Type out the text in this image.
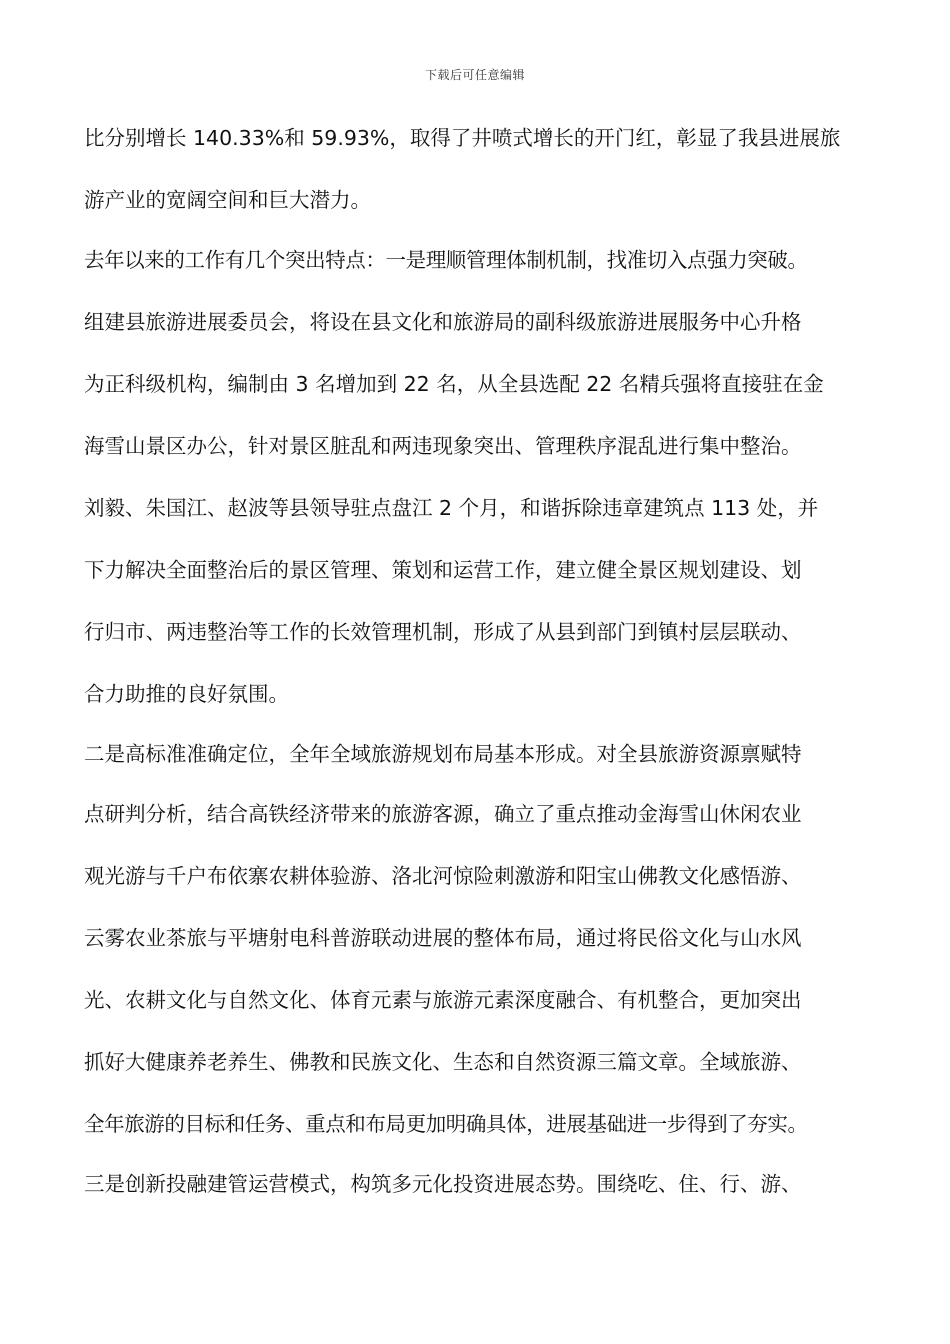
下载后可任意编辑
比分别增长 140.33%和 59.93%，取得了井喷式增长的开门红，彰显了我县进展旅
游产业的宽阔空间和巨大潜力。
去年以来的工作有几个突出特点：一是理顺管理体制机制，找准切入点强力突破。
组建县旅游进展委员会，将设在县文化和旅游局的副科级旅游进展服务中心升格
为正科级机构，编制由 3 名增加到 22 名，从全县选配 22 名精兵强将直接驻在金
海雪山景区办公，针对景区脏乱和两违现象突出、管理秩序混乱进行集中整治。
刘毅、朱国江、赵波等县领导驻点盘江 2 个月，和谐拆除违章建筑点 113 处，并
下力解决全面整治后的景区管理、策划和运营工作，建立健全景区规划建设、划
行归市、两违整治等工作的长效管理机制，形成了从县到部门到镇村层层联动、
合力助推的良好氛围。
二是高标准准确定位，全年全域旅游规划布局基本形成。对全县旅游资源禀赋特
点研判分析，结合高铁经济带来的旅游客源，确立了重点推动金海雪山休闲农业
观光游与千户布依寨农耕体验游、洛北河惊险刺激游和阳宝山佛教文化感悟游、
云雾农业茶旅与平塘射电科普游联动进展的整体布局，通过将民俗文化与山水风
光、农耕文化与自然文化、体育元素与旅游元素深度融合、有机整合，更加突出
抓好大健康养老养生、佛教和民族文化、生态和自然资源三篇文章。全域旅游、
全年旅游的目标和任务、重点和布局更加明确具体，进展基础进一步得到了夯实。
三是创新投融建管运营模式，构筑多元化投资进展态势。围绕吃、住、行、游、
